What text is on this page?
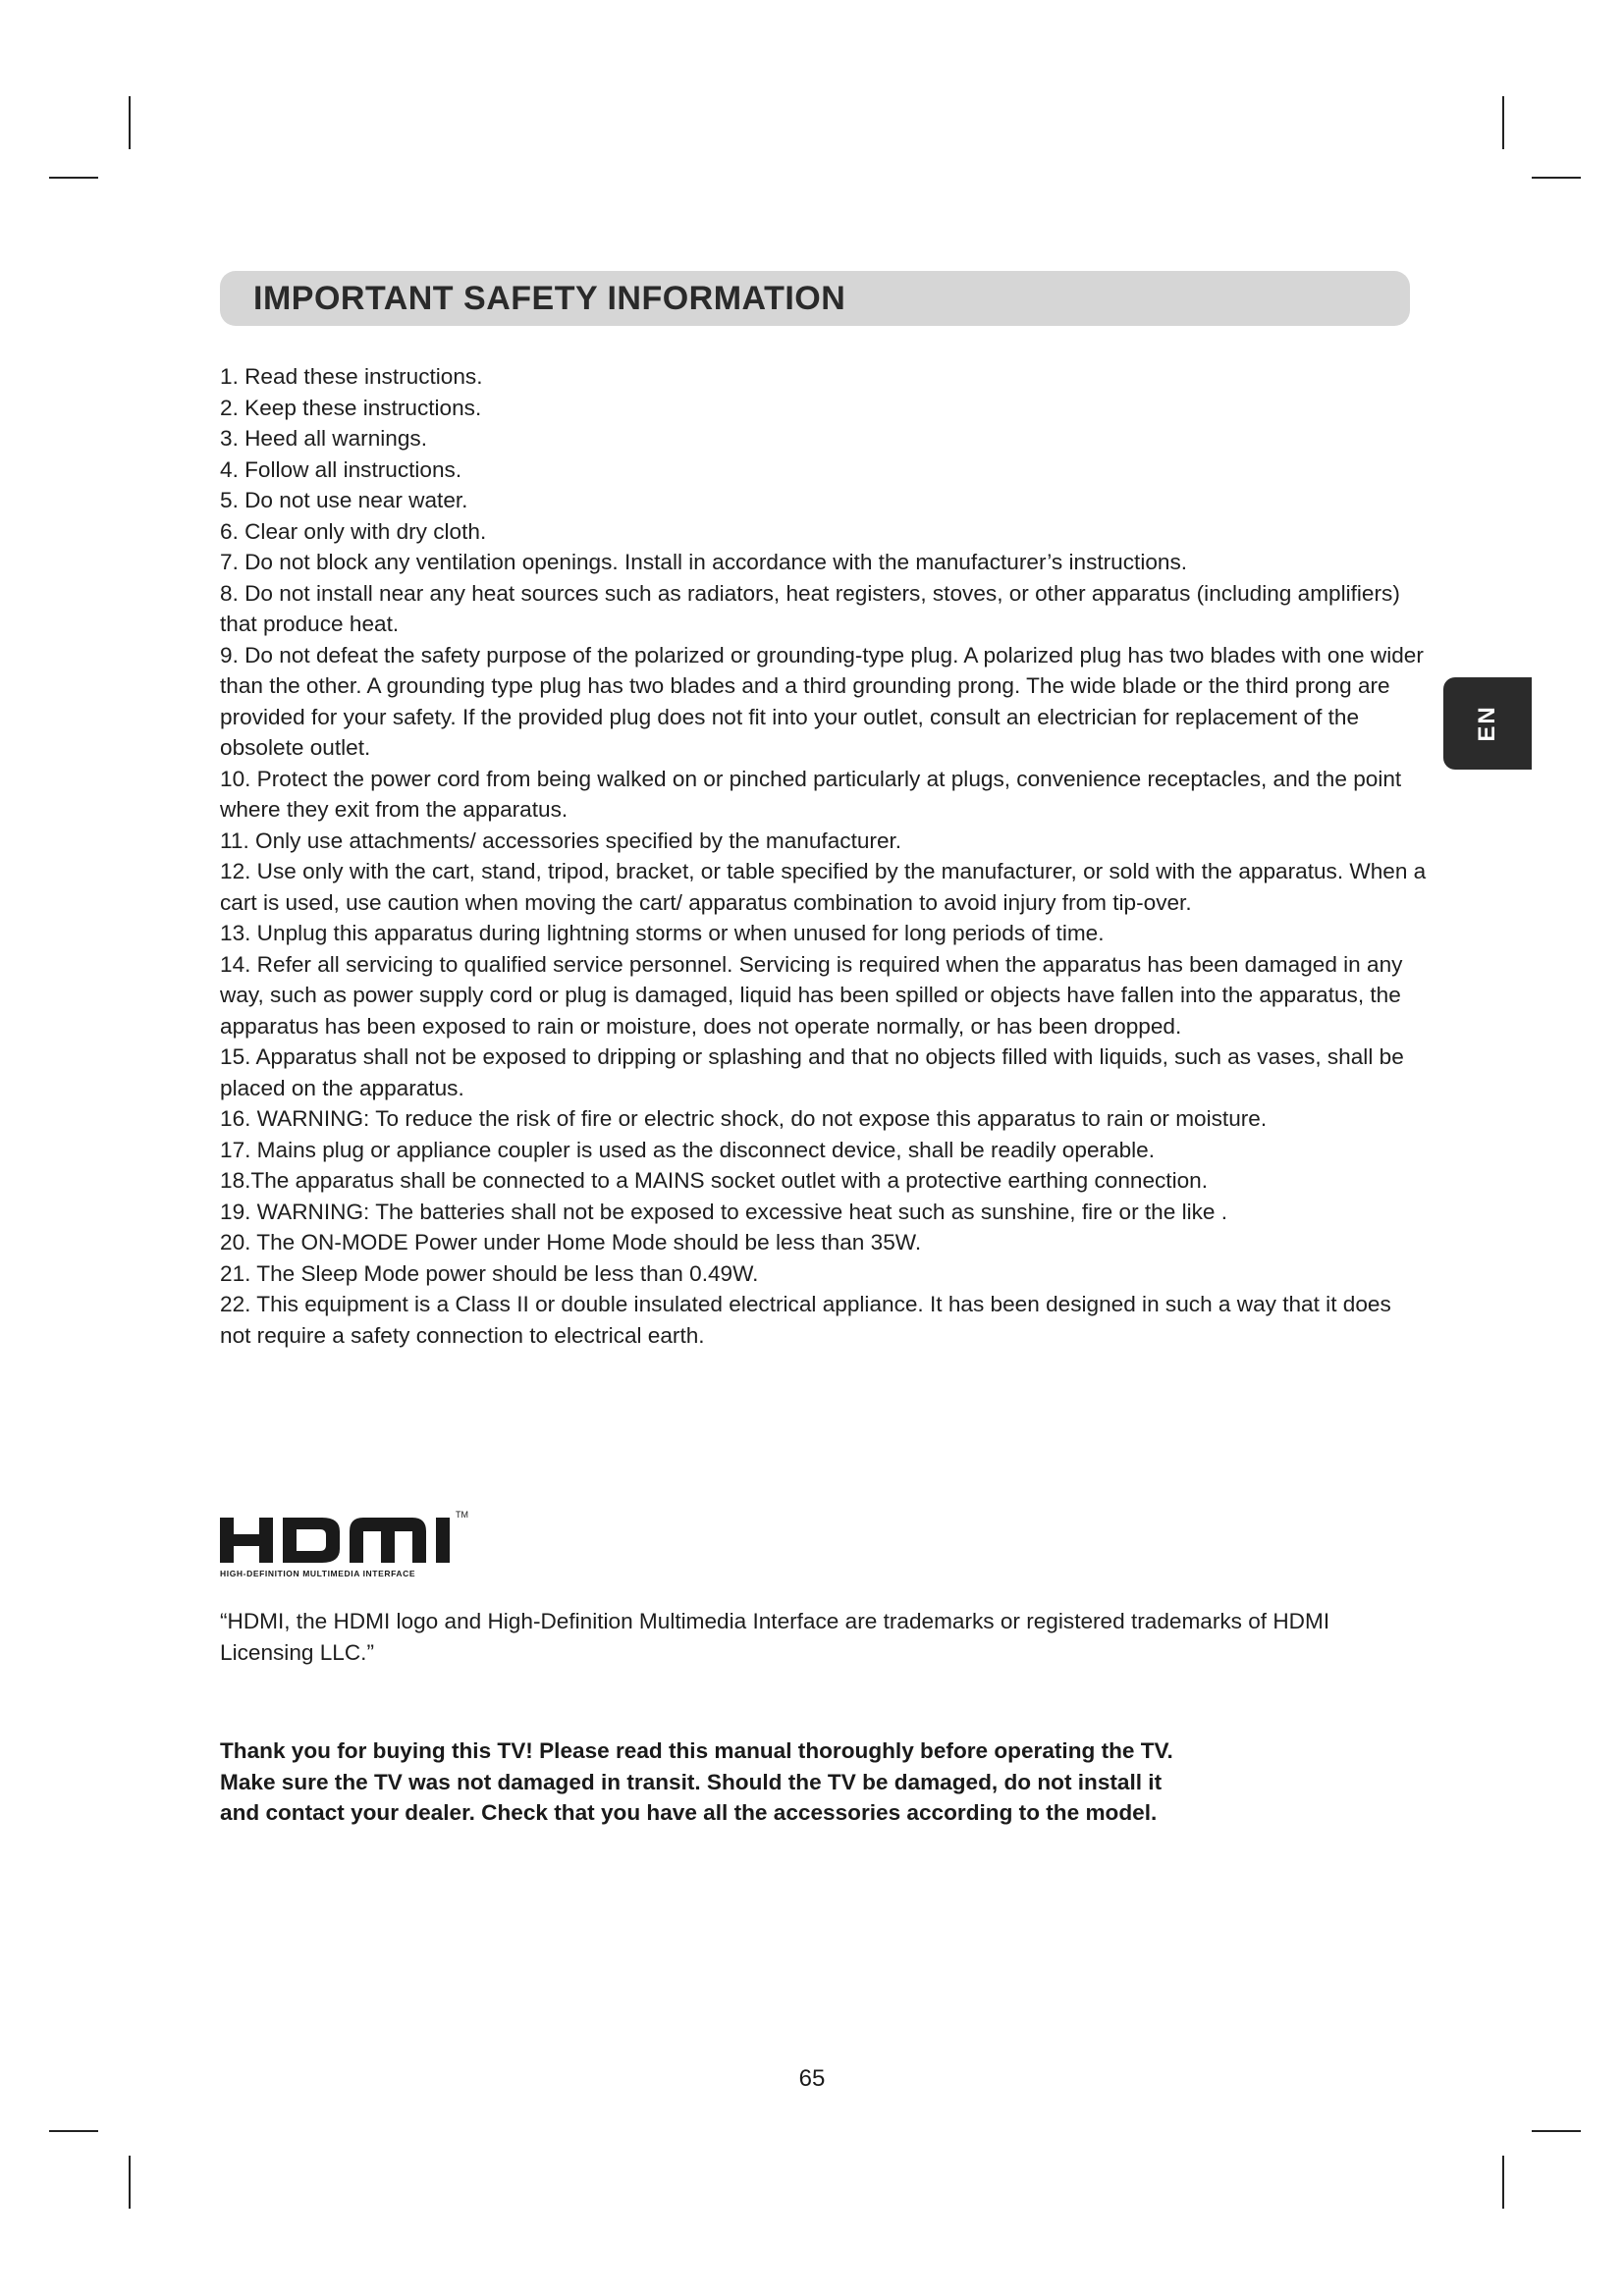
IMPORTANT SAFETY INFORMATION
EN
1. Read these instructions.
2. Keep these instructions.
3. Heed all warnings.
4. Follow all instructions.
5. Do not use near water.
6. Clear only with dry cloth.
7. Do not block any ventilation openings. Install in accordance with the manufacturer’s instructions.
8. Do not install near any heat sources such as radiators, heat registers, stoves, or other apparatus (including amplifiers) that produce heat.
9. Do not defeat the safety purpose of the polarized or grounding-type plug. A polarized plug has two blades with one wider than the other. A grounding type plug has two blades and a third grounding prong. The wide blade or the third prong are provided for your safety. If the provided plug does not fit into your outlet, consult an electrician for replacement of the obsolete outlet.
10. Protect the power cord from being walked on or pinched particularly at plugs, convenience receptacles, and the point where they exit from the apparatus.
11. Only use attachments/ accessories specified by the manufacturer.
12. Use only with the cart, stand, tripod, bracket, or table specified by the manufacturer, or sold with the apparatus. When a cart is used, use caution when moving the cart/ apparatus combination to avoid injury from tip-over.
13. Unplug this apparatus during lightning storms or when unused for long periods of time.
14. Refer all servicing to qualified service personnel. Servicing is required when the apparatus has been damaged in any way, such as power supply cord or plug is damaged, liquid has been spilled or objects have fallen into the apparatus, the apparatus has been exposed to rain or moisture, does not operate normally, or has been dropped.
15. Apparatus shall not be exposed to dripping or splashing and that no objects filled with liquids, such as vases, shall be placed on the apparatus.
16. WARNING: To reduce the risk of fire or electric shock, do not expose this apparatus to rain or moisture.
17. Mains plug or appliance coupler is used as the disconnect device, shall be readily operable.
18.The apparatus shall be connected to a MAINS socket outlet with a protective earthing connection.
19. WARNING: The batteries shall not be exposed to excessive heat such as sunshine, fire or the like .
20. The ON-MODE Power under Home Mode should be less than 35W.
21. The Sleep Mode power should be less than 0.49W.
22. This equipment is a Class II or double insulated electrical appliance. It has been designed in such a way that it does not require a safety connection to electrical earth.
TM
HIGH-DEFINITION MULTIMEDIA INTERFACE

“HDMI, the HDMI logo and High-Definition Multimedia Interface are trademarks or registered trademarks of HDMI Licensing LLC.”

Thank you for buying this TV! Please read this manual thoroughly before operating the TV.
Make sure the TV was not damaged in transit. Should the TV be damaged, do not install it
and contact your dealer. Check that you have all the accessories according to the model.
65
